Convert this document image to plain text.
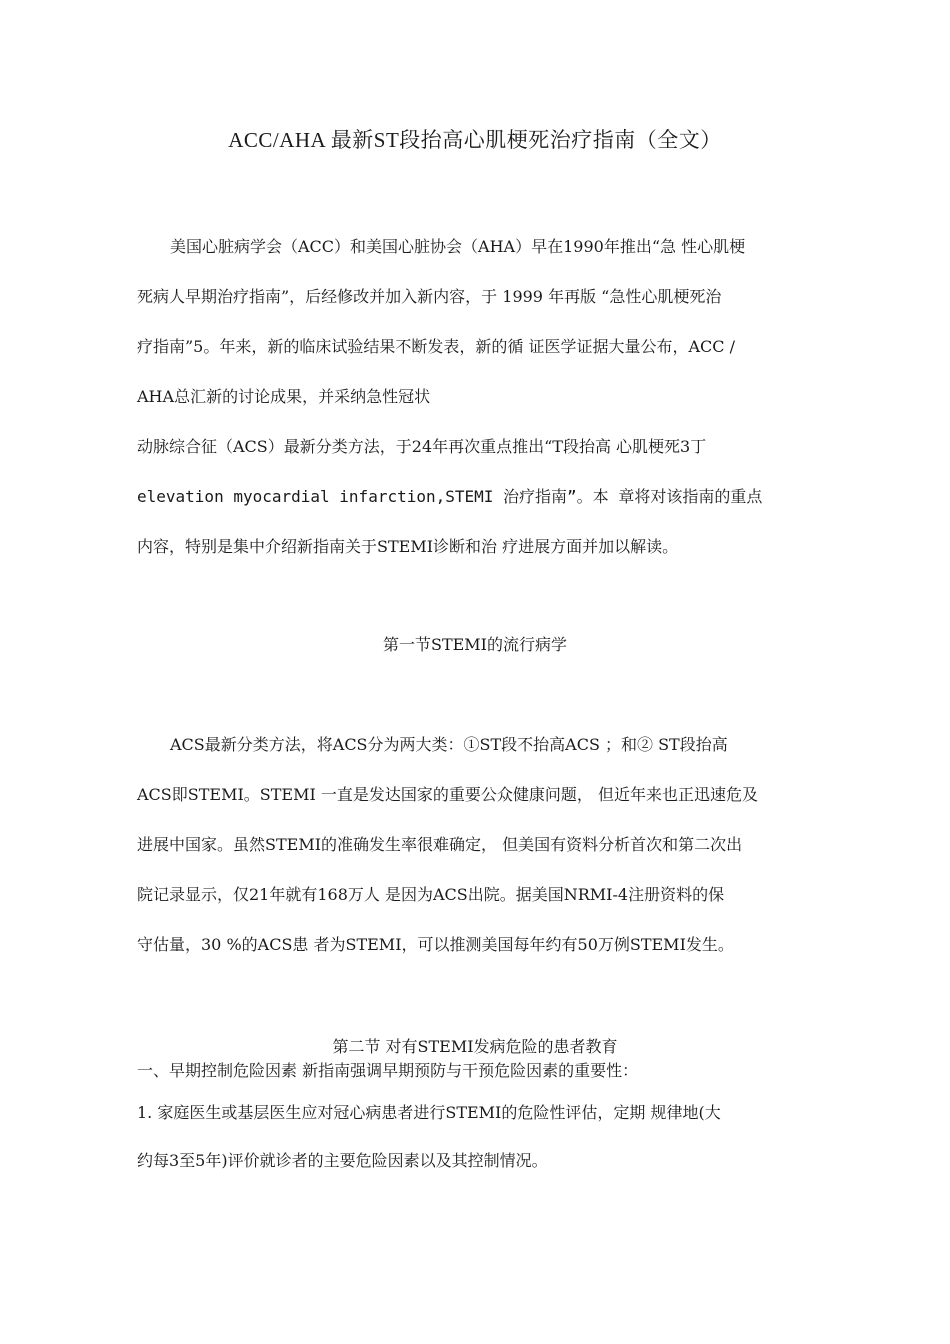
ACC/AHA 最新ST段抬高心肌梗死治疗指南（全文）
美国心脏病学会（ACC）和美国心脏协会（AHA）早在1990年推出“急 性心肌梗
死病人早期治疗指南”，后经修改并加入新内容，于 1999 年再版 “急性心肌梗死治
疗指南”5。年来，新的临床试验结果不断发表，新的循 证医学证据大量公布，ACC /
AHA总汇新的讨论成果，并采纳急性冠状
动脉综合征（ACS）最新分类方法，于24年再次重点推出“T段抬高 心肌梗死3丁
elevation myocardial infarction,STEMI 治疗指南”。本 章将对该指南的重点
内容，特别是集中介绍新指南关于STEMI诊断和治 疗进展方面并加以解读。
第一节STEMI的流行病学
ACS最新分类方法，将ACS分为两大类：①ST段不抬高ACS ；和② ST段抬高
ACS即STEMI。STEMI 一直是发达国家的重要公众健康问题， 但近年来也正迅速危及
进展中国家。虽然STEMI的准确发生率很难确定， 但美国有资料分析首次和第二次出
院记录显示，仅21年就有168万人 是因为ACS出院。据美国NRMI-4注册资料的保
守估量，30 %的ACS患 者为STEMI，可以推测美国每年约有50万例STEMI发生。
第二节 对有STEMI发病危险的患者教育
一、早期控制危险因素 新指南强调早期预防与干预危险因素的重要性：
1. 家庭医生或基层医生应对冠心病患者进行STEMI的危险性评估，定期 规律地(大
约每3至5年)评价就诊者的主要危险因素以及其控制情况。
